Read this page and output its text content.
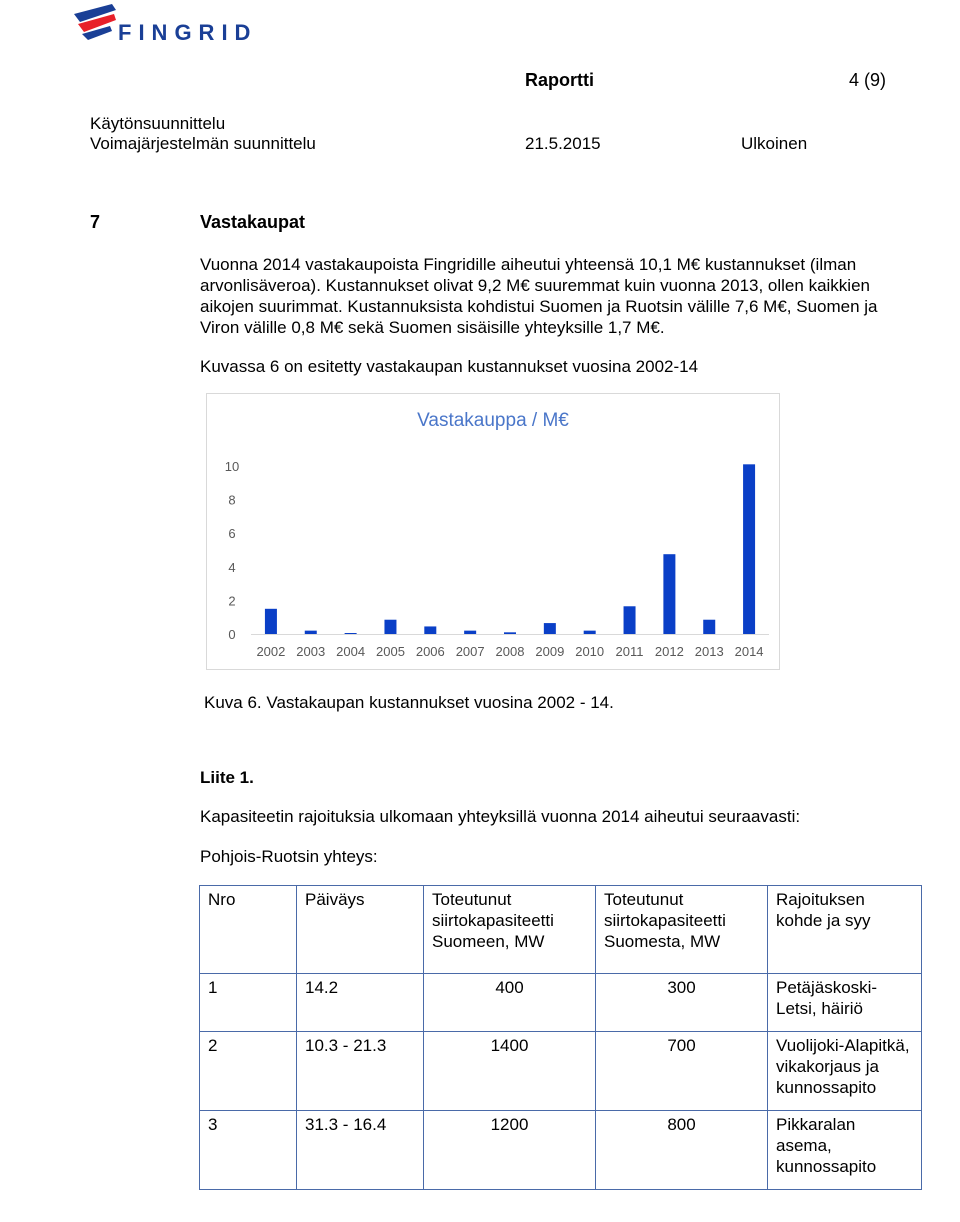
FINGRID
Raportti	4 (9)
Käytönsuunnittelu
Voimajärjestelmän suunnittelu	21.5.2015	Ulkoinen
7	Vastakaupat
Vuonna 2014 vastakaupoista Fingridille aiheutui yhteensä 10,1 M€ kustannukset (ilman arvonlisäveroa). Kustannukset olivat 9,2 M€ suuremmat kuin vuonna 2013, ollen kaikkien aikojen suurimmat. Kustannuksista kohdistui Suomen ja Ruotsin välille 7,6 M€, Suomen ja Viron välille 0,8 M€ sekä Suomen sisäisille yhteyksille 1,7 M€.
Kuvassa 6 on esitetty vastakaupan kustannukset vuosina 2002-14
Vastakauppa / M€
0
2
4
6
8
10
2002 2003 2004 2005 2006 2007 2008 2009 2010 2011 2012 2013 2014
Kuva 6. Vastakaupan kustannukset vuosina 2002 - 14.
Liite 1.
Kapasiteetin rajoituksia ulkomaan yhteyksillä vuonna 2014 aiheutui seuraavasti:
Pohjois-Ruotsin yhteys:
Nro	Päiväys	Toteutunut siirtokapasiteetti Suomeen, MW	Toteutunut siirtokapasiteetti Suomesta, MW	Rajoituksen kohde ja syy
1	14.2	400	300	Petäjäskoski-Letsi, häiriö
2	10.3 - 21.3	1400	700	Vuolijoki-Alapitkä, vikakorjaus ja kunnossapito
3	31.3 - 16.4	1200	800	Pikkaralan asema, kunnossapito
